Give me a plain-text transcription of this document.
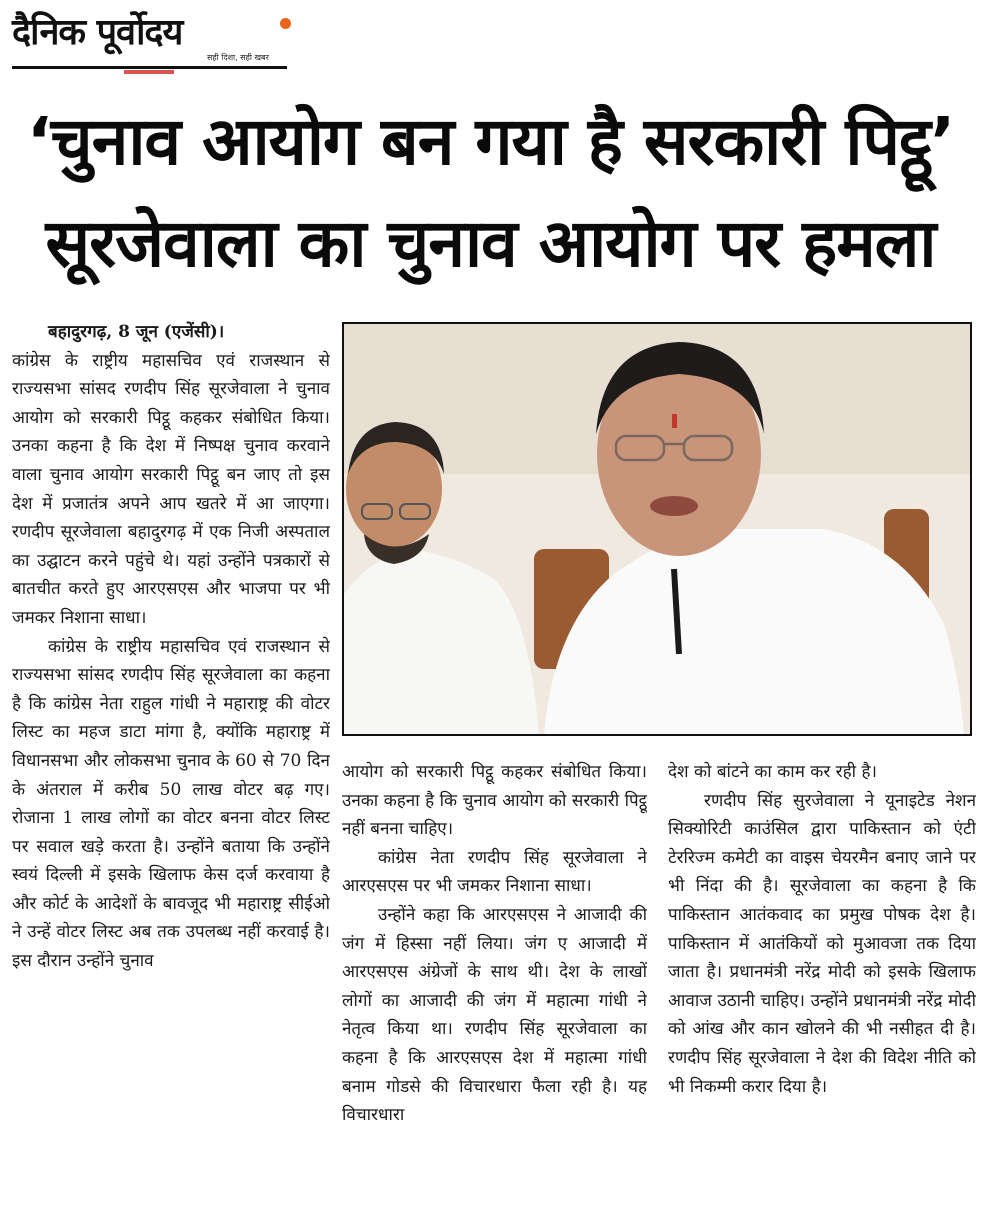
दैनिक पूर्वोदय
सही दिशा, सही खबर
‘चुनाव आयोग बन गया है सरकारी पिट्ठू’
सूरजेवाला का चुनाव आयोग पर हमला

बहादुरगढ़, 8 जून (एजेंसी)।

कांग्रेस के राष्ट्रीय महासचिव एवं राजस्थान से राज्यसभा सांसद रणदीप सिंह सूरजेवाला ने चुनाव आयोग को सरकारी पिट्ठू कहकर संबोधित किया। उनका कहना है कि देश में निष्पक्ष चुनाव करवाने वाला चुनाव आयोग सरकारी पिट्ठू बन जाए तो इस देश में प्रजातंत्र अपने आप खतरे में आ जाएगा। रणदीप सूरजेवाला बहादुरगढ़ में एक निजी अस्पताल का उद्घाटन करने पहुंचे थे। यहां उन्होंने पत्रकारों से बातचीत करते हुए आरएसएस और भाजपा पर भी जमकर निशाना साधा।

कांग्रेस के राष्ट्रीय महासचिव एवं राजस्थान से राज्यसभा सांसद रणदीप सिंह सूरजेवाला का कहना है कि कांग्रेस नेता राहुल गांधी ने महाराष्ट्र की वोटर लिस्ट का महज डाटा मांगा है, क्योंकि महाराष्ट्र में विधानसभा और लोकसभा चुनाव के 60 से 70 दिन के अंतराल में करीब 50 लाख वोटर बढ़ गए। रोजाना 1 लाख लोगों का वोटर बनना वोटर लिस्ट पर सवाल खड़े करता है। उन्होंने बताया कि उन्होंने स्वयं दिल्ली में इसके खिलाफ केस दर्ज करवाया है और कोर्ट के आदेशों के बावजूद भी महाराष्ट्र सीईओ ने उन्हें वोटर लिस्ट अब तक उपलब्ध नहीं करवाई है। इस दौरान उन्होंने चुनाव

आयोग को सरकारी पिट्ठू कहकर संबोधित किया। उनका कहना है कि चुनाव आयोग को सरकारी पिट्ठू नहीं बनना चाहिए।

कांग्रेस नेता रणदीप सिंह सूरजेवाला ने आरएसएस पर भी जमकर निशाना साधा।

उन्होंने कहा कि आरएसएस ने आजादी की जंग में हिस्सा नहीं लिया। जंग ए आजादी में आरएसएस अंग्रेजों के साथ थी। देश के लाखों लोगों का आजादी की जंग में महात्मा गांधी ने नेतृत्व किया था। रणदीप सिंह सूरजेवाला का कहना है कि आरएसएस देश में महात्मा गांधी बनाम गोडसे की विचारधारा फैला रही है। यह विचारधारा

देश को बांटने का काम कर रही है।

रणदीप सिंह सुरजेवाला ने यूनाइटेड नेशन सिक्योरिटी काउंसिल द्वारा पाकिस्तान को एंटी टेररिज्म कमेटी का वाइस चेयरमैन बनाए जाने पर भी निंदा की है। सूरजेवाला का कहना है कि पाकिस्तान आतंकवाद का प्रमुख पोषक देश है। पाकिस्तान में आतंकियों को मुआवजा तक दिया जाता है। प्रधानमंत्री नरेंद्र मोदी को इसके खिलाफ आवाज उठानी चाहिए। उन्होंने प्रधानमंत्री नरेंद्र मोदी को आंख और कान खोलने की भी नसीहत दी है। रणदीप सिंह सूरजेवाला ने देश की विदेश नीति को भी निकम्मी करार दिया है।
